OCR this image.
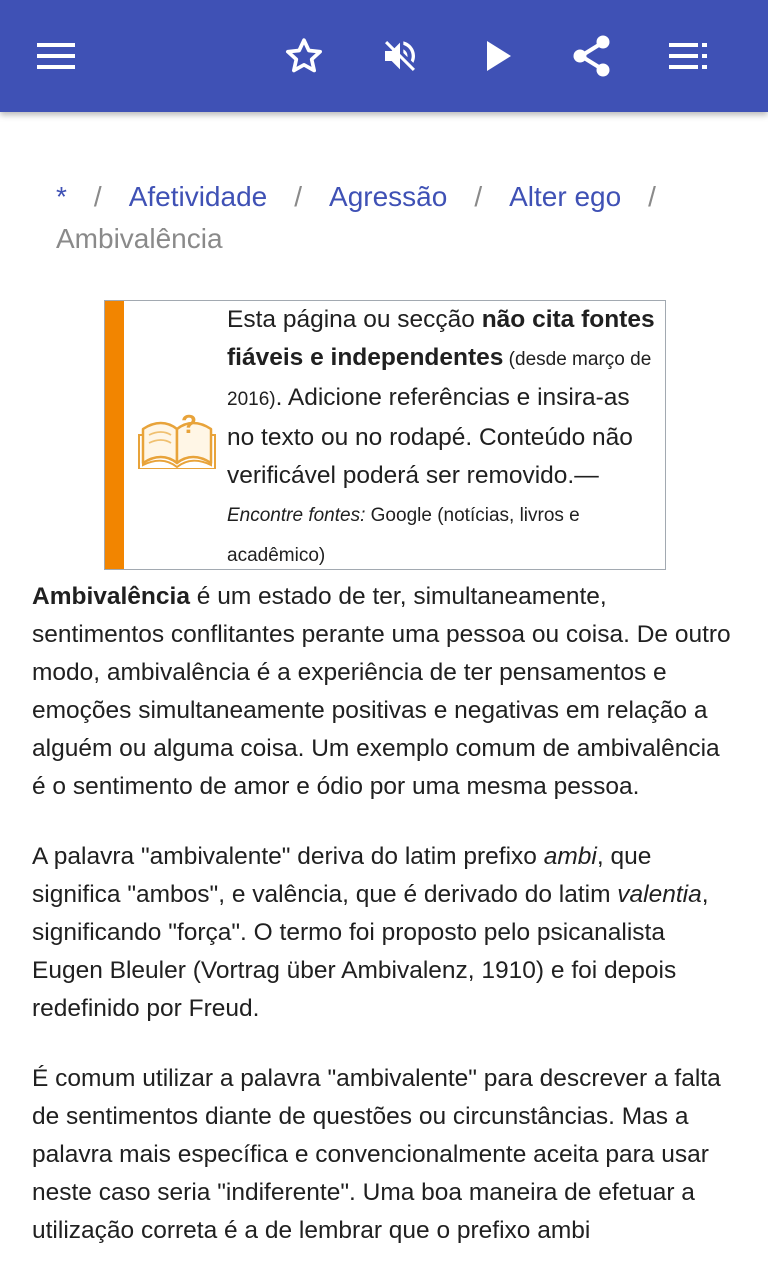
* / Afetividade / Agressão / Alter ego /
Ambivalência
?
Esta página ou secção não cita fontes fiáveis e independentes (desde março de 2016). Adicione referências e insira-as no texto ou no rodapé. Conteúdo não verificável poderá ser removido.—Encontre fontes: Google (notícias, livros e acadêmico)

Ambivalência é um estado de ter, simultaneamente, sentimentos conflitantes perante uma pessoa ou coisa. De outro modo, ambivalência é a experiência de ter pensamentos e emoções simultaneamente positivas e negativas em relação a alguém ou alguma coisa. Um exemplo comum de ambivalência é o sentimento de amor e ódio por uma mesma pessoa.

A palavra "ambivalente" deriva do latim prefixo ambi, que significa "ambos", e valência, que é derivado do latim valentia, significando "força". O termo foi proposto pelo psicanalista Eugen Bleuler (Vortrag über Ambivalenz, 1910) e foi depois redefinido por Freud.

É comum utilizar a palavra "ambivalente" para descrever a falta de sentimentos diante de questões ou circunstâncias. Mas a palavra mais específica e convencionalmente aceita para usar neste caso seria "indiferente". Uma boa maneira de efetuar a utilização correta é a de lembrar que o prefixo ambi
